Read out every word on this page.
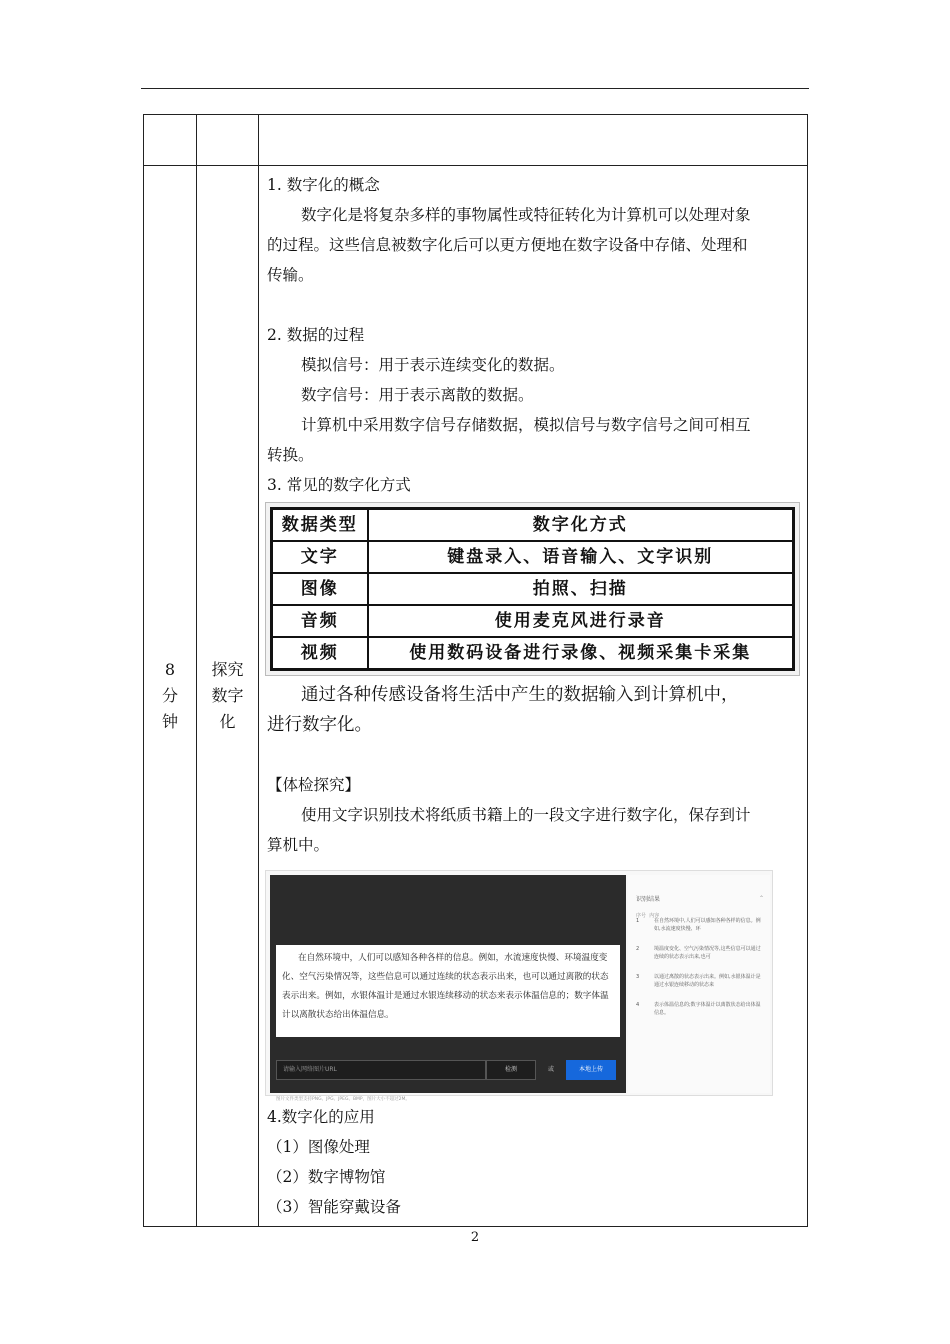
8
分
钟

探究
数字
化

1. 数字化的概念
数字化是将复杂多样的事物属性或特征转化为计算机可以处理对象
的过程。这些信息被数字化后可以更方便地在数字设备中存储、处理和
传输。
2. 数据的过程
模拟信号：用于表示连续变化的数据。
数字信号：用于表示离散的数据。
计算机中采用数字信号存储数据，模拟信号与数字信号之间可相互
转换。
3. 常见的数字化方式
数据类型	数字化方式
文字	键盘录入、语音输入、文字识别
图像	拍照、扫描
音频	使用麦克风进行录音
视频	使用数码设备进行录像、视频采集卡采集
通过各种传感设备将生活中产生的数据输入到计算机中，
进行数字化。
【体检探究】
使用文字识别技术将纸质书籍上的一段文字进行数字化，保存到计
算机中。
在自然环境中，人们可以感知各种各样的信息。例如，水流速度快慢、环境温度变化、空气污染情况等，这些信息可以通过连续的状态表示出来，也可以通过离散的状态表示出来。例如，水银体温计是通过水银连续移动的状态来表示体温信息的；数字体温计以离散状态给出体温信息。
请输入网络图片URL	检测	或	本地上传
图片文件类型支持PNG、JPG、JPEG、BMP，图片大小不超过2M。
识别结果	⌃
序号 内容
1	在自然环境中,人们可以感知各种各样的信息。例如,水流速度快慢、环
2	境温度变化、空气污染情况等,这些信息可以通过连续的状态表示出来,也可
3	以通过离散的状态表示出来。例如,水银体温计是通过水银连续移动的状态来
4	表示体温信息的;数字体温计以离散状态给出体温信息。
4.数字化的应用
（1）图像处理
（2）数字博物馆
（3）智能穿戴设备
2
